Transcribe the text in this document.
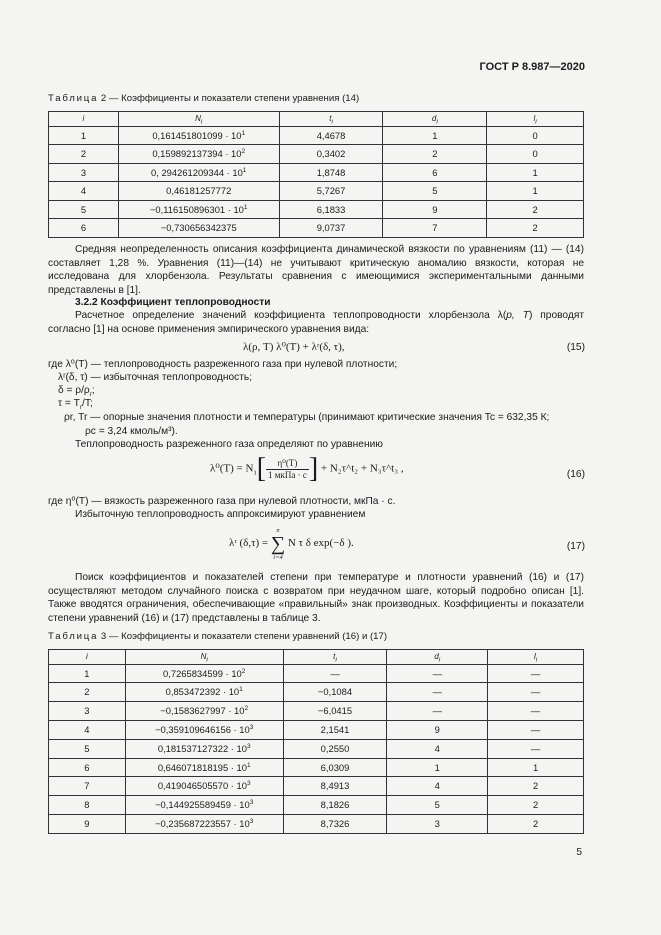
ГОСТ Р 8.987—2020
Таблица 2 — Коэффициенты и показатели степени уравнения (14)
i	$N_i$	$t_i$	$d_i$	$l_i$
1	$0,161451801099 \cdot 10^1$	4,4678	1	0
2	$0,159892137394 \cdot 10^2$	0,3402	2	0
3	0, $294261209344 \cdot 10^1$	1,8748	6	1
4	0,46181257772	5,7267	5	1
5	$-0,116150896301 \cdot 10^1$	6,1833	9	2
6	−0,730656342375	9,0737	7	2
Средняя неопределенность описания коэффициента динамической вязкости по уравнениям (11) — (14) составляет 1,28 %. Уравнения (11)—(14) не учитывают критическую аномалию вязкости, которая не исследована для хлорбензола. Результаты сравнения с имеющимися экспериментальными данными представлены в [1].
3.2.2 Коэффициент теплопроводности
Расчетное определение значений коэффициента теплопроводности хлорбензола λ(p, T) проводят согласно [1] на основе применения эмпирического уравнения вида:
λ(ρ, T) λ⁰(T) + λʳ(δ, τ),	(15)
где λ⁰(T) — теплопроводность разреженного газа при нулевой плотности;
λʳ(δ, τ) — избыточная теплопроводность;
$\delta = \rho/\rho_r$;
$\tau = T_r/T$;
ρr, Tr — опорные значения плотности и температуры (принимают критические значения Tc = 632,35 К;
ρc = 3,24 кмоль/м³).
Теплопроводность разреженного газа определяют по уравнению
$\lambda^0(T) = N_1[ \frac{\text{η⁰(T)}}{\text{1 мкПа · с}}$ ] + N₂τ^t₂ + N₃τ^t₃ ,	(16)
где η⁰(T) — вязкость разреженного газа при нулевой плотности, мкПа · с.
Избыточную теплопроводность аппроксимируют уравнением
λʳ (δ,τ) =
n
∑
i=4
N τ δ exp(−δ ).	(17)
Поиск коэффициентов и показателей степени при температуре и плотности уравнений (16) и (17) осуществляют методом случайного поиска с возвратом при неудачном шаге, который подробно описан [1]. Также вводятся ограничения, обеспечивающие «правильный» знак производных. Коэффициенты и показатели степени уравнений (16) и (17) представлены в таблице 3.
Таблица 3 — Коэффициенты и показатели степени уравнений (16) и (17)
i	$N_i$	$t_i$	$d_i$	$l_i$
1	$0,7265834599 \cdot 10^2$	—	—	—
2	$0,853472392 \cdot 10^1$	−0,1084	—	—
3	$-0,1583627997 \cdot 10^2$	−6,0415	—	—
4	$-0,359109646156 \cdot 10^3$	2,1541	9	—
5	$0,181537127322 \cdot 10^3$	0,2550	4	—
6	$0,646071818195 \cdot 10^1$	6,0309	1	1
7	$0,419046505570 \cdot 10^3$	8,4913	4	2
8	$-0,144925589459 \cdot 10^3$	8,1826	5	2
9	$-0,235687223557 \cdot 10^3$	8,7326	3	2
5
